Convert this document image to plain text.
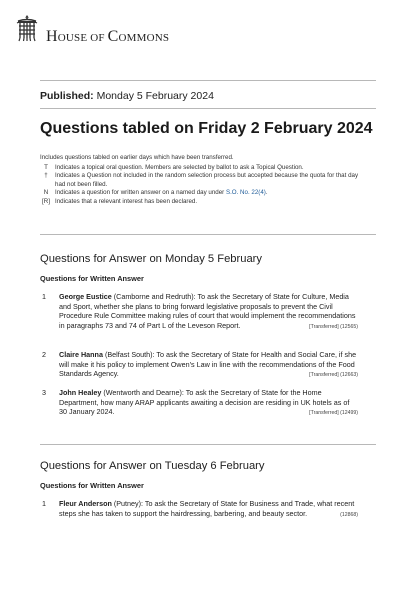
HOUSE OF COMMONS
Published: Monday 5 February 2024
Questions tabled on Friday 2 February 2024
Includes questions tabled on earlier days which have been transferred.
T	Indicates a topical oral question. Members are selected by ballot to ask a Topical Question.
†	Indicates a Question not included in the random selection process but accepted because the quota for that day had not been filled.
N	Indicates a question for written answer on a named day under S.O. No. 22(4).
[R] Indicates that a relevant interest has been declared.
Questions for Answer on Monday 5 February
Questions for Written Answer
1 George Eustice (Camborne and Redruth): To ask the Secretary of State for Culture, Media and Sport, whether she plans to bring forward legislative proposals to prevent the Civil Procedure Rule Committee making rules of court that would implement the recommendations in paragraphs 73 and 74 of Part L of the Leveson Report.	[Transferred] (12565)
2 Claire Hanna (Belfast South): To ask the Secretary of State for Health and Social Care, if she will make it his policy to implement Owen's Law in line with the recommendations of the Food Standards Agency.	[Transferred] (12663)
3 John Healey (Wentworth and Dearne): To ask the Secretary of State for the Home Department, how many ARAP applicants awaiting a decision are residing in UK hotels as of 30 January 2024.	[Transferred] (12499)
Questions for Answer on Tuesday 6 February
Questions for Written Answer
1 Fleur Anderson (Putney): To ask the Secretary of State for Business and Trade, what recent steps she has taken to support the hairdressing, barbering, and beauty sector.	(12868)
